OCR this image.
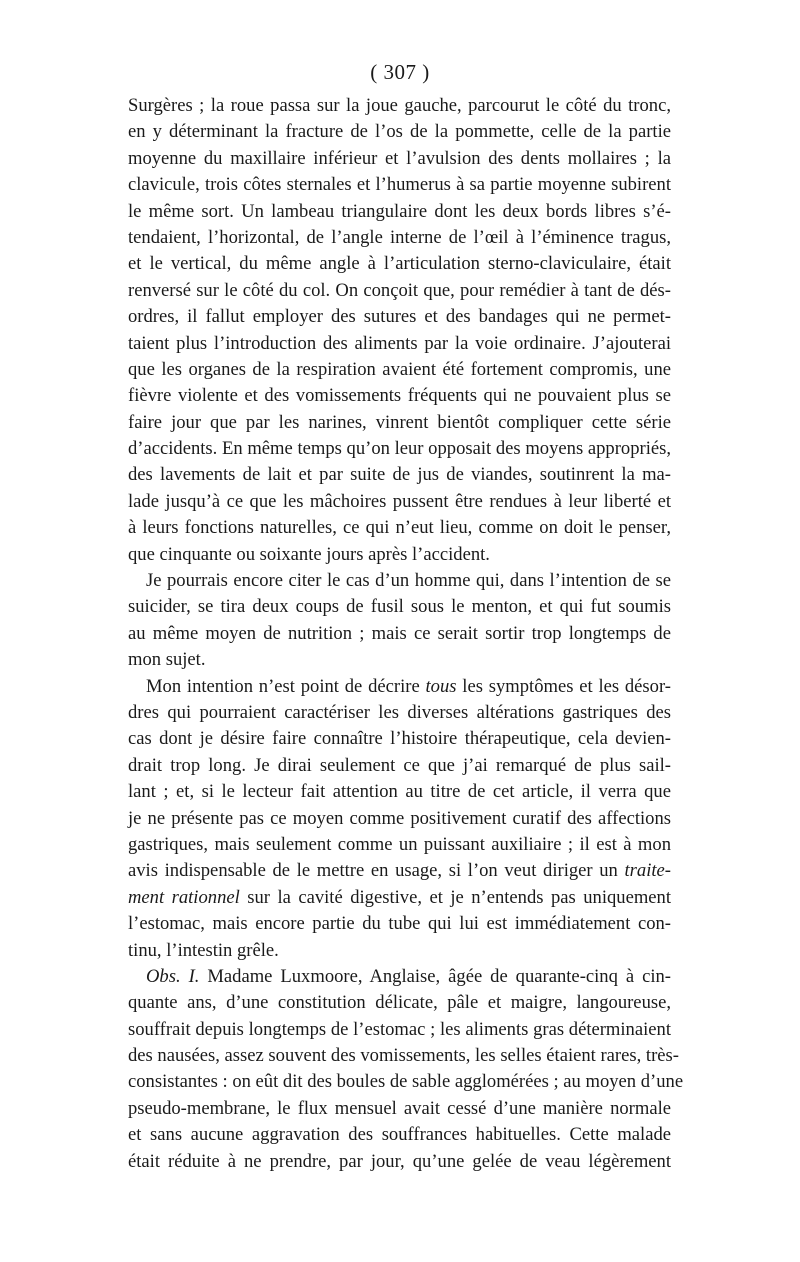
( 307 )
Surgères ; la roue passa sur la joue gauche, parcourut le côté du tronc,
en y déterminant la fracture de l’os de la pommette, celle de la partie
moyenne du maxillaire inférieur et l’avulsion des dents mollaires ; la
clavicule, trois côtes sternales et l’humerus à sa partie moyenne subirent
le même sort. Un lambeau triangulaire dont les deux bords libres s’é-
tendaient, l’horizontal, de l’angle interne de l’œil à l’éminence tragus,
et le vertical, du même angle à l’articulation sterno-claviculaire, était
renversé sur le côté du col. On conçoit que, pour remédier à tant de dés-
ordres, il fallut employer des sutures et des bandages qui ne permet-
taient plus l’introduction des aliments par la voie ordinaire. J’ajouterai
que les organes de la respiration avaient été fortement compromis, une
fièvre violente et des vomissements fréquents qui ne pouvaient plus se
faire jour que par les narines, vinrent bientôt compliquer cette série
d’accidents. En même temps qu’on leur opposait des moyens appropriés,
des lavements de lait et par suite de jus de viandes, soutinrent la ma-
lade jusqu’à ce que les mâchoires pussent être rendues à leur liberté et
à leurs fonctions naturelles, ce qui n’eut lieu, comme on doit le penser,
que cinquante ou soixante jours après l’accident.
Je pourrais encore citer le cas d’un homme qui, dans l’intention de se
suicider, se tira deux coups de fusil sous le menton, et qui fut soumis
au même moyen de nutrition ; mais ce serait sortir trop longtemps de
mon sujet.
Mon intention n’est point de décrire tous les symptômes et les désor-
dres qui pourraient caractériser les diverses altérations gastriques des
cas dont je désire faire connaître l’histoire thérapeutique, cela devien-
drait trop long. Je dirai seulement ce que j’ai remarqué de plus sail-
lant ; et, si le lecteur fait attention au titre de cet article, il verra que
je ne présente pas ce moyen comme positivement curatif des affections
gastriques, mais seulement comme un puissant auxiliaire ; il est à mon
avis indispensable de le mettre en usage, si l’on veut diriger un traite-
ment rationnel sur la cavité digestive, et je n’entends pas uniquement
l’estomac, mais encore partie du tube qui lui est immédiatement con-
tinu, l’intestin grêle.
Obs. I. Madame Luxmoore, Anglaise, âgée de quarante-cinq à cin-
quante ans, d’une constitution délicate, pâle et maigre, langoureuse,
souffrait depuis longtemps de l’estomac ; les aliments gras déterminaient
des nausées, assez souvent des vomissements, les selles étaient rares, très-
consistantes : on eût dit des boules de sable agglomérées ; au moyen d’une
pseudo-membrane, le flux mensuel avait cessé d’une manière normale
et sans aucune aggravation des souffrances habituelles. Cette malade
était réduite à ne prendre, par jour, qu’une gelée de veau légèrement
